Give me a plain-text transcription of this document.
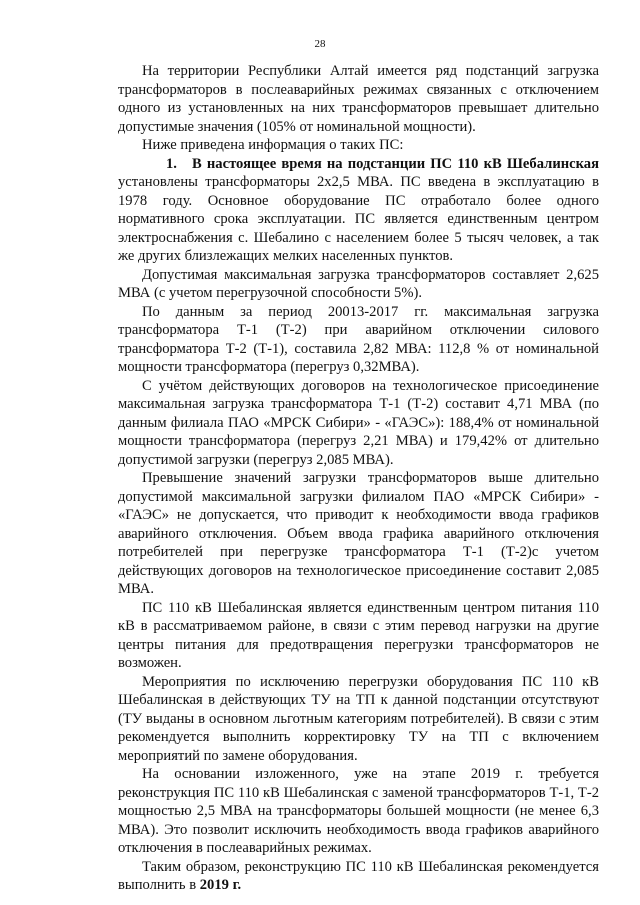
28

На территории Республики Алтай имеется ряд подстанций загрузка трансформаторов в послеаварийных режимах связанных с отключением одного из установленных на них трансформаторов превышает длительно допустимые значения (105% от номинальной мощности).

Ниже приведена информация о таких ПС:

1. В настоящее время на подстанции ПС 110 кВ Шебалинская установлены трансформаторы 2х2,5 МВА. ПС введена в эксплуатацию в 1978 году. Основное оборудование ПС отработало более одного нормативного срока эксплуатации. ПС является единственным центром электроснабжения с. Шебалино с населением более 5 тысяч человек, а так же других близлежащих мелких населенных пунктов.

Допустимая максимальная загрузка трансформаторов составляет 2,625 МВА (с учетом перегрузочной способности 5%).

По данным за период 20013-2017 гг. максимальная загрузка трансформатора Т-1 (Т-2) при аварийном отключении силового трансформатора Т-2 (Т-1), составила 2,82 МВА: 112,8 % от номинальной мощности трансформатора (перегруз 0,32МВА).

С учётом действующих договоров на технологическое присоединение максимальная загрузка трансформатора Т-1 (Т-2) составит 4,71 МВА (по данным филиала ПАО «МРСК Сибири» - «ГАЭС»): 188,4% от номинальной мощности трансформатора (перегруз 2,21 МВА) и 179,42% от длительно допустимой загрузки (перегруз 2,085 МВА).

Превышение значений загрузки трансформаторов выше длительно допустимой максимальной загрузки филиалом ПАО «МРСК Сибири» - «ГАЭС» не допускается, что приводит к необходимости ввода графиков аварийного отключения. Объем ввода графика аварийного отключения потребителей при перегрузке трансформатора Т-1 (Т-2)с учетом действующих договоров на технологическое присоединение составит 2,085 МВА.

ПС 110 кВ Шебалинская является единственным центром питания 110 кВ в рассматриваемом районе, в связи с этим перевод нагрузки на другие центры питания для предотвращения перегрузки трансформаторов не возможен.

Мероприятия по исключению перегрузки оборудования ПС 110 кВ Шебалинская в действующих ТУ на ТП к данной подстанции отсутствуют (ТУ выданы в основном льготным категориям потребителей). В связи с этим рекомендуется выполнить корректировку ТУ на ТП с включением мероприятий по замене оборудования.

На основании изложенного, уже на этапе 2019 г. требуется реконструкция ПС 110 кВ Шебалинская с заменой трансформаторов Т-1, Т-2 мощностью 2,5 МВА на трансформаторы большей мощности (не менее 6,3 МВА). Это позволит исключить необходимость ввода графиков аварийного отключения в послеаварийных режимах.

Таким образом, реконструкцию ПС 110 кВ Шебалинская рекомендуется выполнить в 2019 г.
